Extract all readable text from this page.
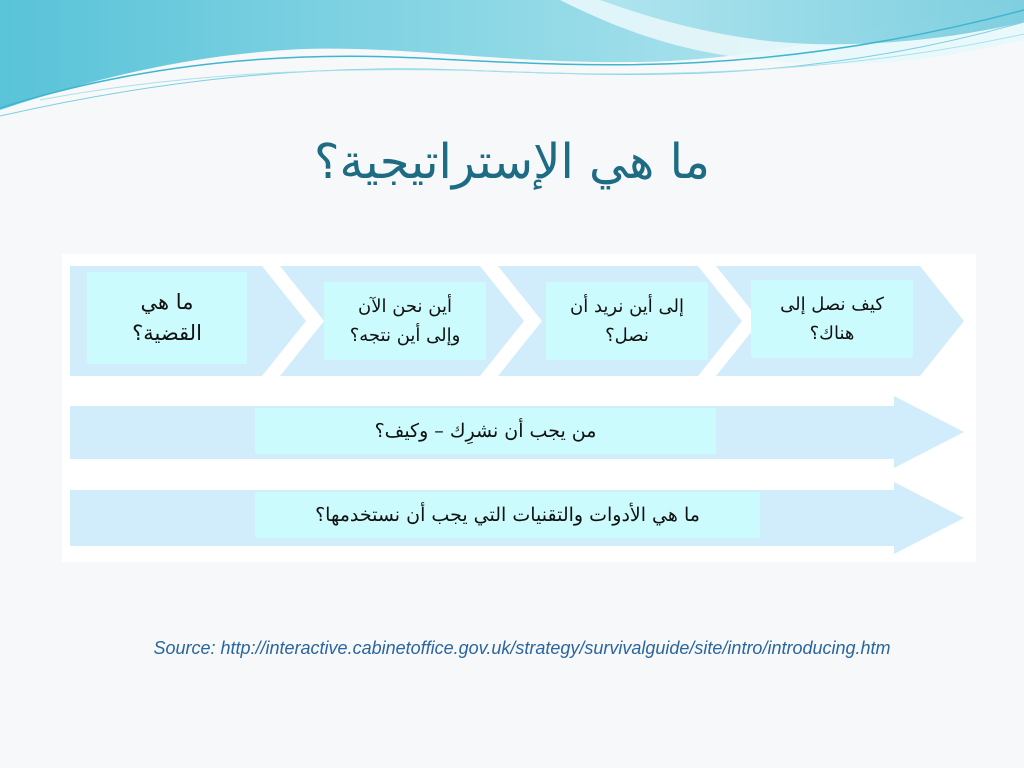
ما هي الإستراتيجية؟
ما هي
القضية؟
أين نحن الآن
وإلى أين نتجه؟
إلى أين نريد أن
نصل؟
كيف نصل إلى
هناك؟
من يجب أن نشرِك – وكيف؟
ما هي الأدوات والتقنيات التي يجب أن نستخدمها؟
Source: http://interactive.cabinetoffice.gov.uk/strategy/survivalguide/site/intro/introducing.htm
